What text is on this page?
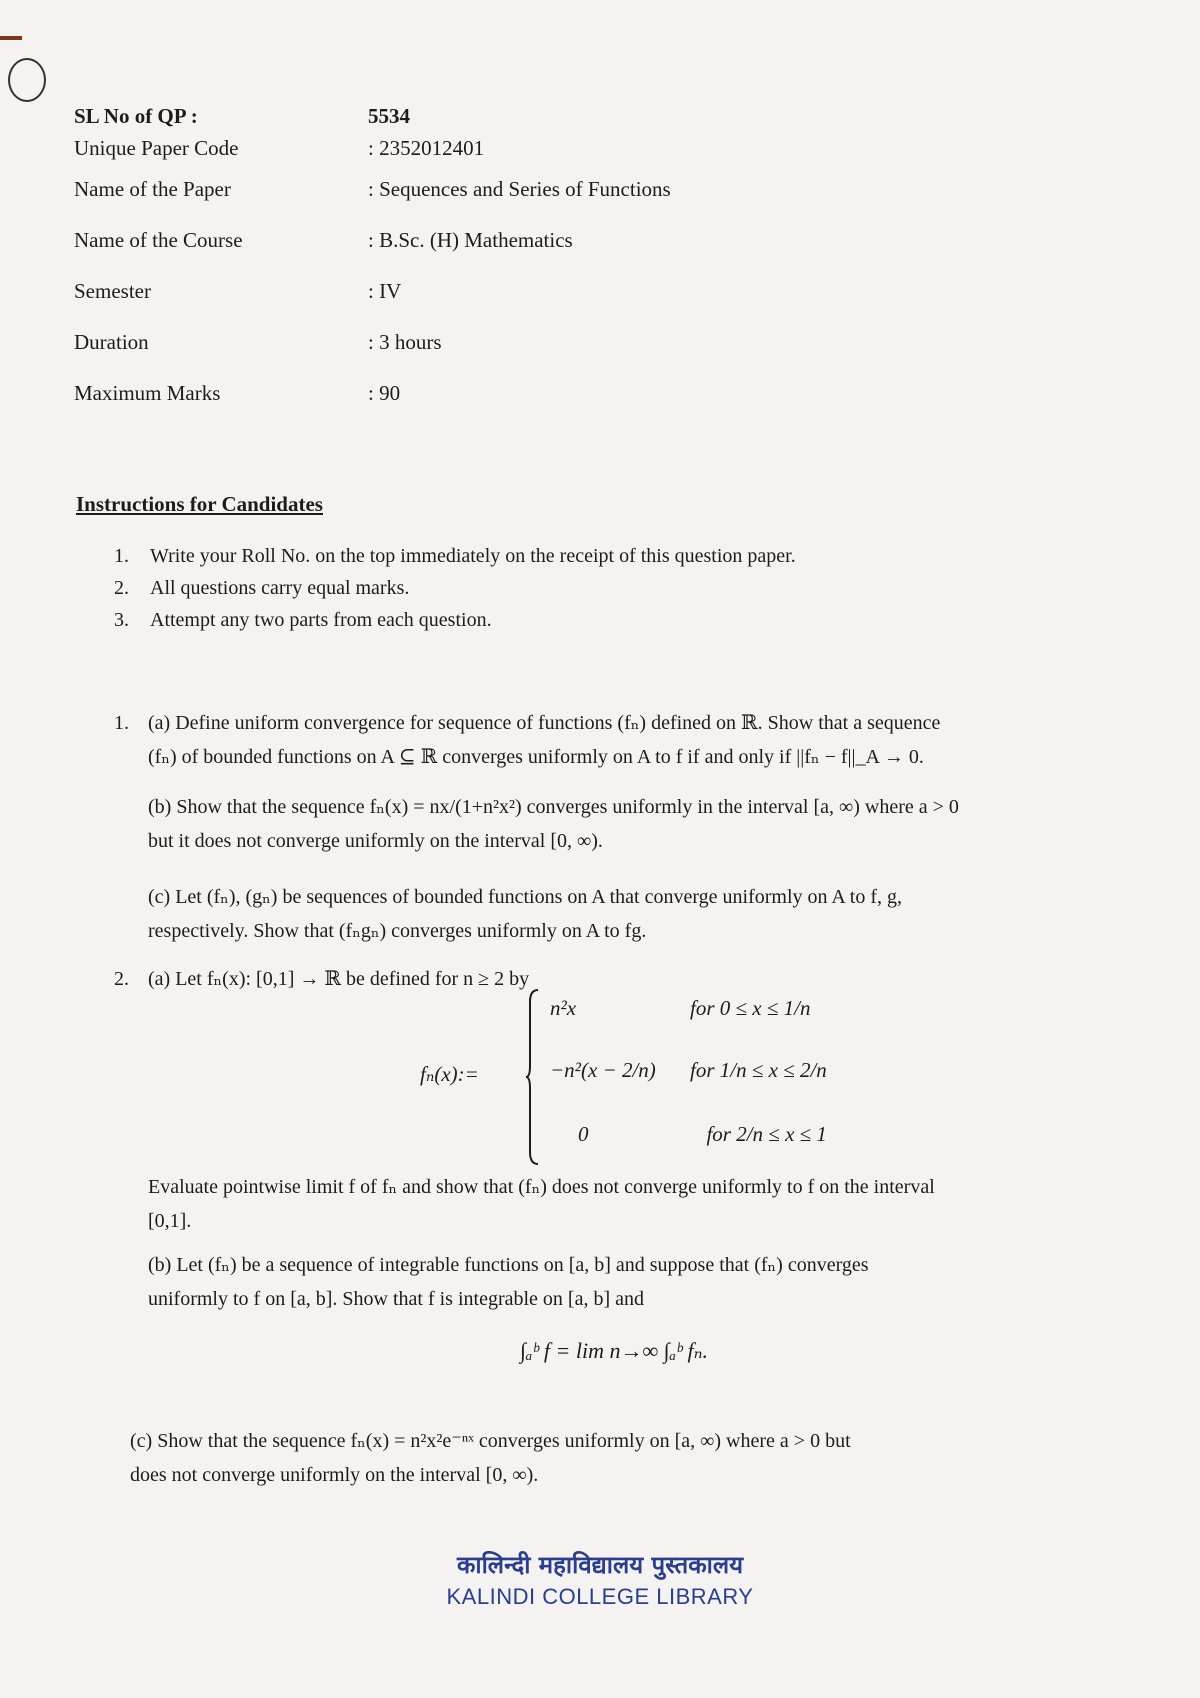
SL No of QP :	5534
Unique Paper Code	: 2352012401
Name of the Paper	: Sequences and Series of Functions
Name of the Course	: B.Sc. (H) Mathematics
Semester	: IV
Duration	: 3 hours
Maximum Marks	: 90
Instructions for Candidates
1.	Write your Roll No. on the top immediately on the receipt of this question paper.
2.	All questions carry equal marks.
3.	Attempt any two parts from each question.
1. (a) Define uniform convergence for sequence of functions (fₙ) defined on ℝ. Show that a sequence
(fₙ) of bounded functions on A ⊆ ℝ converges uniformly on A to f if and only if ||fₙ − f||_A → 0.
(b) Show that the sequence fₙ(x) = nx/(1+n²x²) converges uniformly in the interval [a, ∞) where a > 0
but it does not converge uniformly on the interval [0, ∞).
(c) Let (fₙ), (gₙ) be sequences of bounded functions on A that converge uniformly on A to f, g,
respectively. Show that (fₙgₙ) converges uniformly on A to fg.
2. (a) Let fₙ(x): [0,1] → ℝ be defined for n ≥ 2 by
fₙ(x):=
n²x	for 0 ≤ x ≤ 1/n
−n²(x − 2/n)	for 1/n ≤ x ≤ 2/n
0	for 2/n ≤ x ≤ 1
Evaluate pointwise limit f of fₙ and show that (fₙ) does not converge uniformly to f on the interval
[0,1].
(b) Let (fₙ) be a sequence of integrable functions on [a, b] and suppose that (fₙ) converges
uniformly to f on [a, b]. Show that f is integrable on [a, b] and
∫ₐᵇ f = lim n→∞ ∫ₐᵇ fₙ.
(c) Show that the sequence fₙ(x) = n²x²e⁻ⁿˣ converges uniformly on [a, ∞) where a > 0 but
does not converge uniformly on the interval [0, ∞).
कालिन्दी महाविद्यालय पुस्तकालय
KALINDI COLLEGE LIBRARY
